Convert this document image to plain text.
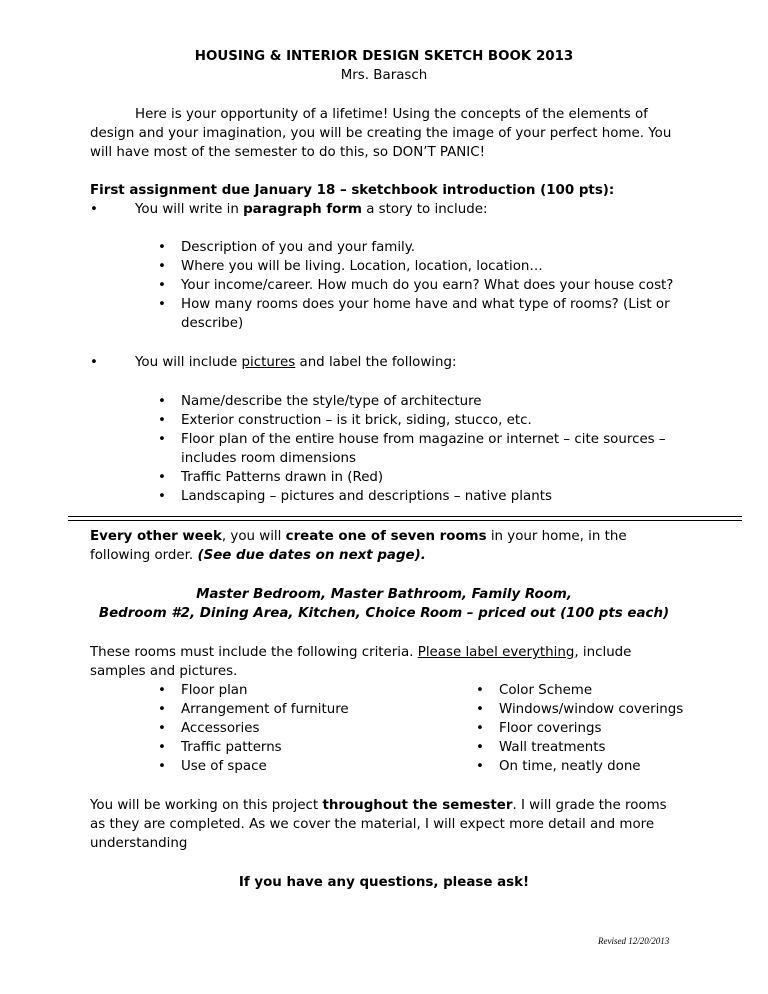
HOUSING & INTERIOR DESIGN SKETCH BOOK 2013
Mrs. Barasch
Here is your opportunity of a lifetime! Using the concepts of the elements of design and your imagination, you will be creating the image of your perfect home. You will have most of the semester to do this, so DON’T PANIC!
First assignment due January 18 – sketchbook introduction (100 pts):
•	You will write in paragraph form a story to include:
•	Description of you and your family.
•	Where you will be living. Location, location, location…
•	Your income/career. How much do you earn? What does your house cost?
•	How many rooms does your home have and what type of rooms? (List or describe)
•	You will include pictures and label the following:
•	Name/describe the style/type of architecture
•	Exterior construction – is it brick, siding, stucco, etc.
•	Floor plan of the entire house from magazine or internet – cite sources – includes room dimensions
•	Traffic Patterns drawn in (Red)
•	Landscaping – pictures and descriptions – native plants
Every other week, you will create one of seven rooms in your home, in the following order. (See due dates on next page).
Master Bedroom, Master Bathroom, Family Room,
Bedroom #2, Dining Area, Kitchen, Choice Room – priced out (100 pts each)
These rooms must include the following criteria. Please label everything, include samples and pictures.
•	Floor plan
•	Arrangement of furniture
•	Accessories
•	Traffic patterns
•	Use of space
•	Color Scheme
•	Windows/window coverings
•	Floor coverings
•	Wall treatments
•	On time, neatly done
You will be working on this project throughout the semester. I will grade the rooms as they are completed. As we cover the material, I will expect more detail and more understanding
If you have any questions, please ask!
Revised 12/20/2013
